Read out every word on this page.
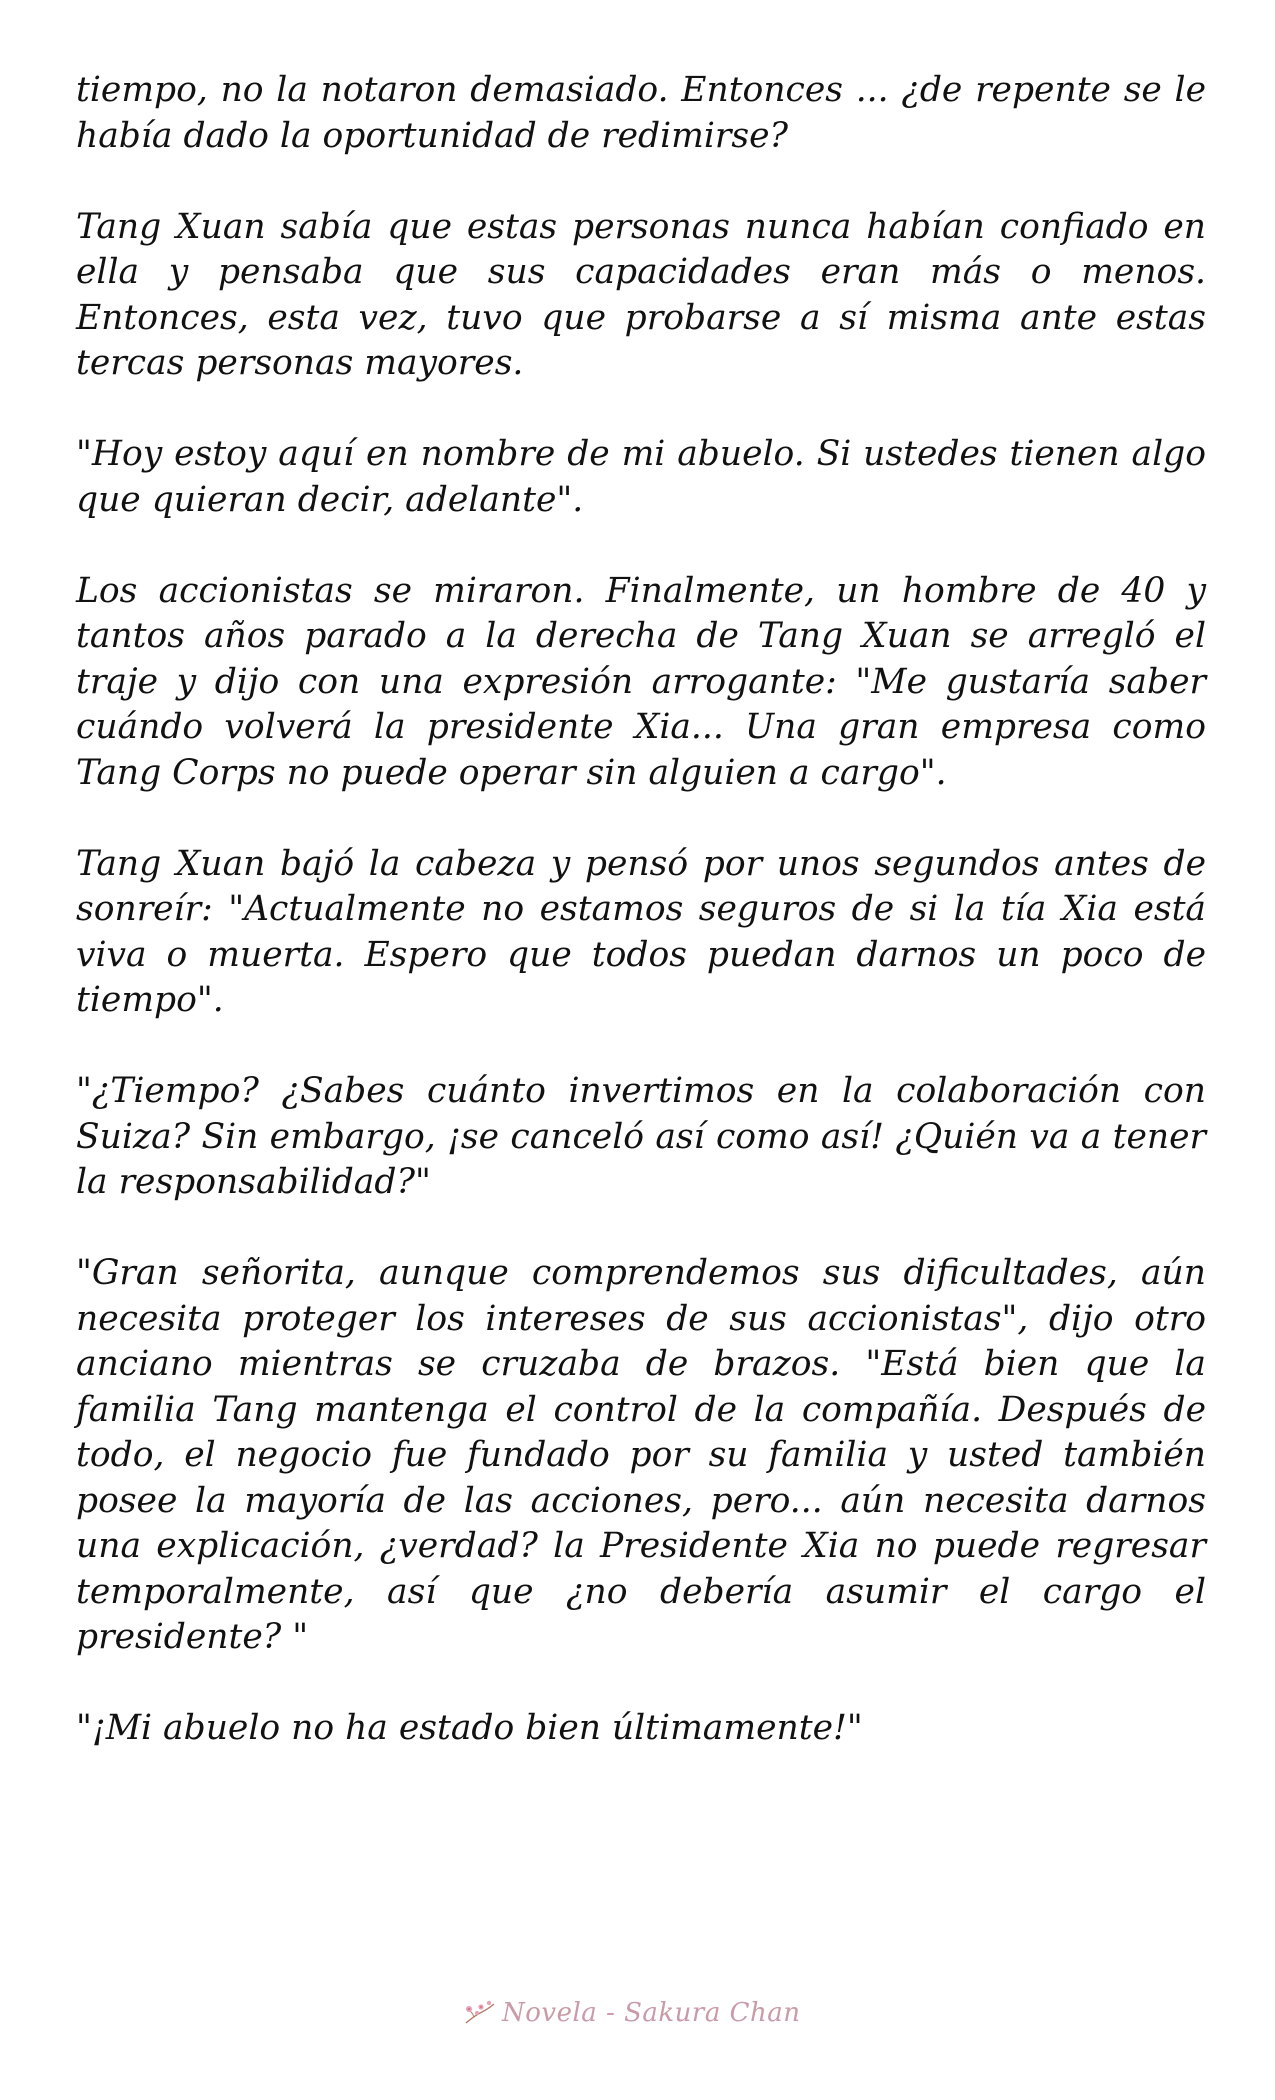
tiempo, no la notaron demasiado. Entonces ... ¿de repente se le había dado la oportunidad de redimirse?

Tang Xuan sabía que estas personas nunca habían confiado en ella y pensaba que sus capacidades eran más o menos. Entonces, esta vez, tuvo que probarse a sí misma ante estas tercas personas mayores.

"Hoy estoy aquí en nombre de mi abuelo. Si ustedes tienen algo que quieran decir, adelante".

Los accionistas se miraron. Finalmente, un hombre de 40 y tantos años parado a la derecha de Tang Xuan se arregló el traje y dijo con una expresión arrogante: "Me gustaría saber cuándo volverá la presidente Xia... Una gran empresa como Tang Corps no puede operar sin alguien a cargo".

Tang Xuan bajó la cabeza y pensó por unos segundos antes de sonreír: "Actualmente no estamos seguros de si la tía Xia está viva o muerta. Espero que todos puedan darnos un poco de tiempo".

"¿Tiempo? ¿Sabes cuánto invertimos en la colaboración con Suiza? Sin embargo, ¡se canceló así como así! ¿Quién va a tener la responsabilidad?"

"Gran señorita, aunque comprendemos sus dificultades, aún necesita proteger los intereses de sus accionistas", dijo otro anciano mientras se cruzaba de brazos. "Está bien que la familia Tang mantenga el control de la compañía. Después de todo, el negocio fue fundado por su familia y usted también posee la mayoría de las acciones, pero... aún necesita darnos una explicación, ¿verdad? la Presidente Xia no puede regresar temporalmente, así que ¿no debería asumir el cargo el presidente? "

"¡Mi abuelo no ha estado bien últimamente!"

Novela - Sakura Chan
